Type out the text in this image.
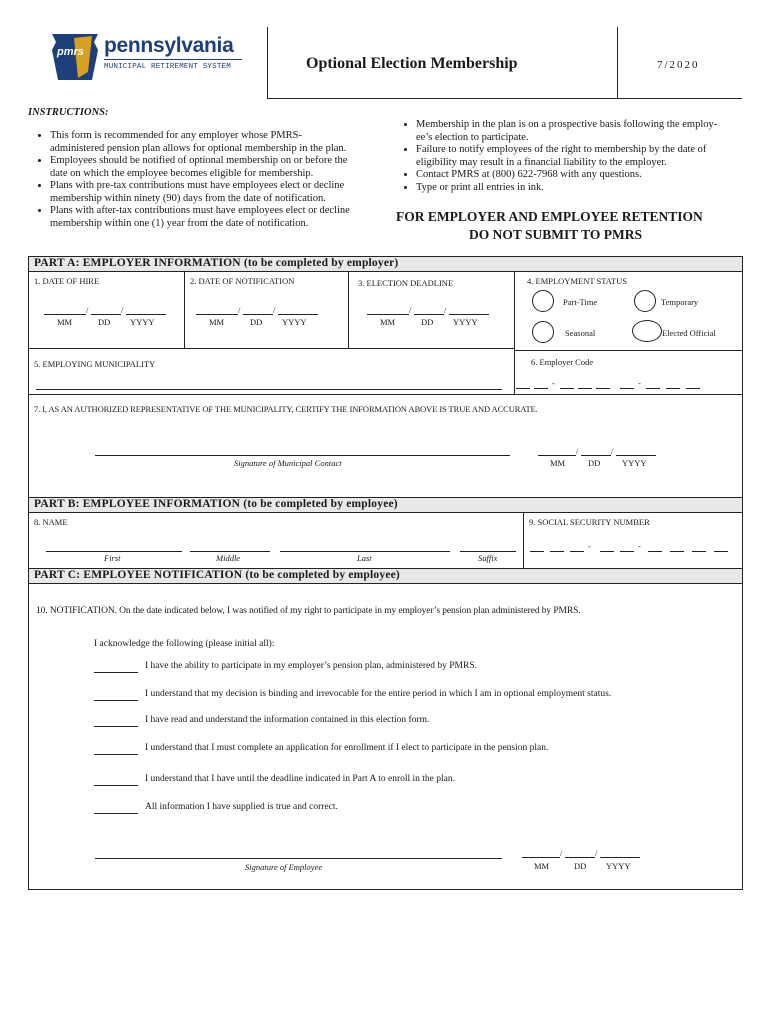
pmrs pennsylvania
MUNICIPAL RETIREMENT SYSTEM	Optional Election Membership	7/2020
INSTRUCTIONS:
• This form is recommended for any employer whose PMRS-
administered pension plan allows for optional membership in the plan.
• Employees should be notified of optional membership on or before the
date on which the employee becomes eligible for membership.
• Plans with pre-tax contributions must have employees elect or decline
membership within ninety (90) days from the date of notification.
• Plans with after-tax contributions must have employees elect or decline
membership within one (1) year from the date of notification.
• Membership in the plan is on a prospective basis following the employ-
ee’s election to participate.
• Failure to notify employees of the right to membership by the date of
eligibility may result in a financial liability to the employer.
• Contact PMRS at (800) 622-7968 with any questions.
• Type or print all entries in ink.
FOR EMPLOYER AND EMPLOYEE RETENTION
DO NOT SUBMIT TO PMRS
PART A: EMPLOYER INFORMATION (to be completed by employer)
1. DATE OF HIRE	2. DATE OF NOTIFICATION	3. ELECTION DEADLINE	4. EMPLOYMENT STATUS
/	/
MM	DD YYYY
/	/
MM	DD YYYY
/	/
MM	DD YYYY
Part-Time	Temporary
Seasonal	Elected Official
5. EMPLOYING MUNICIPALITY	6. Employer Code
-	-
7. I, AS AN AUTHORIZED REPRESENTATIVE OF THE MUNICIPALITY, CERTIFY THE INFORMATION ABOVE IS TRUE AND ACCURATE.
Signature of Municipal Contact
/	/
MM	DD	YYYY
PART B: EMPLOYEE INFORMATION (to be completed by employee)
8. NAME	9. SOCIAL SECURITY NUMBER
First	Middle	Last	Suffix
-	-
PART C: EMPLOYEE NOTIFICATION (to be completed by employee)
10. NOTIFICATION. On the date indicated below, I was notified of my right to participate in my employer’s pension plan administered by PMRS.
I acknowledge the following (please initial all):
I have the ability to participate in my employer’s pension plan, administered by PMRS.
I understand that my decision is binding and irrevocable for the entire period in which I am in optional employment status.
I have read and understand the information contained in this election form.
I understand that I must complete an application for enrollment if I elect to participate in the pension plan.
I understand that I have until the deadline indicated in Part A to enroll in the plan.
All information I have supplied is true and correct.
Signature of Employee
/	/
MM	DD YYYY
